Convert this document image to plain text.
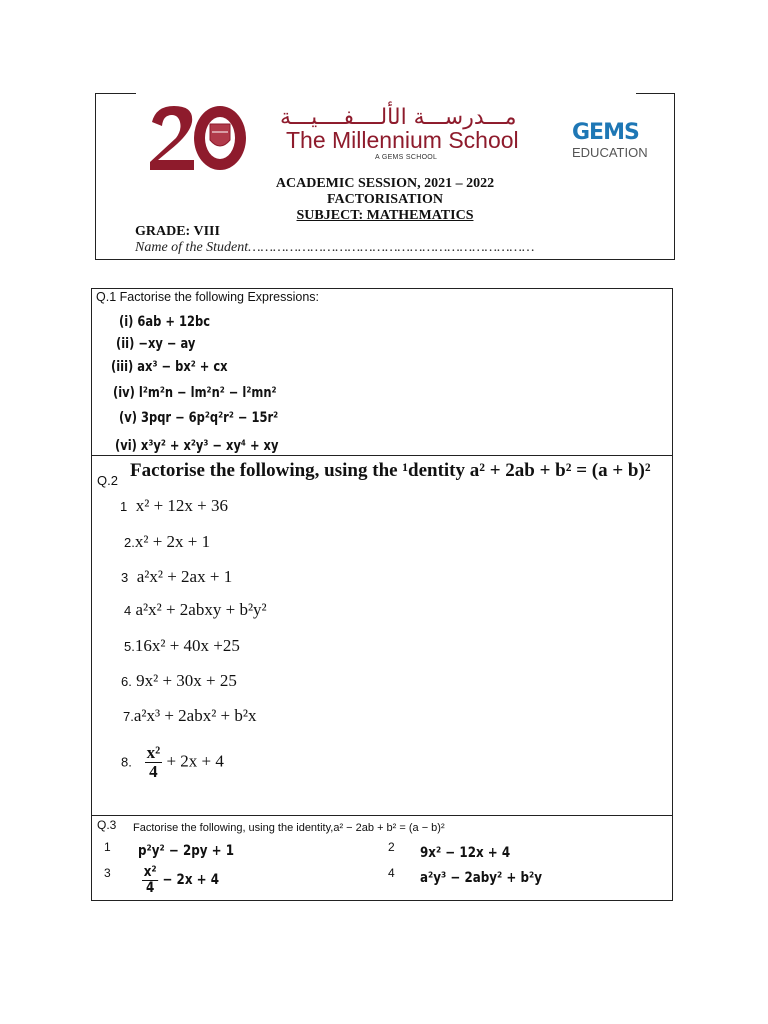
20
مـــدرســـة الألــــفــــيـــة
The Millennium School
A GEMS SCHOOL
GEMS
EDUCATION
ACADEMIC SESSION, 2021 – 2022
FACTORISATION
SUBJECT: MATHEMATICS
GRADE: VIII
Name of the Student……………………………………………………………
Q.1 Factorise the following Expressions:
(i) 6ab + 12bc
(ii) −xy − ay
(iii) ax³ − bx² + cx
(iv) l²m²n − lm²n² − l²mn²
(v) 3pqr − 6p²q²r² − 15r²
(vi) x³y² + x²y³ − xy⁴ + xy
Q.2 Factorise the following, using the ¹dentity a² + 2ab + b² = (a + b)²
1 x² + 12x + 36
2.x² + 2x + 1
3 a²x² + 2ax + 1
4 a²x² + 2abxy + b²y²
5.16x² + 40x +25
6. 9x² + 30x + 25
7.a²x³ + 2abx² + b²x
8. $\frac{\text{x²}}{4} + 2x + 4$
Q.3 Factorise the following, using the identity,a² − 2ab + b² = (a − b)²
1 p²y² − 2py + 1	2 9x² − 12x + 4
$3 \frac{\text{x²}}{4} - 2x + 4$	4 a²y³ − 2aby² + b²y
